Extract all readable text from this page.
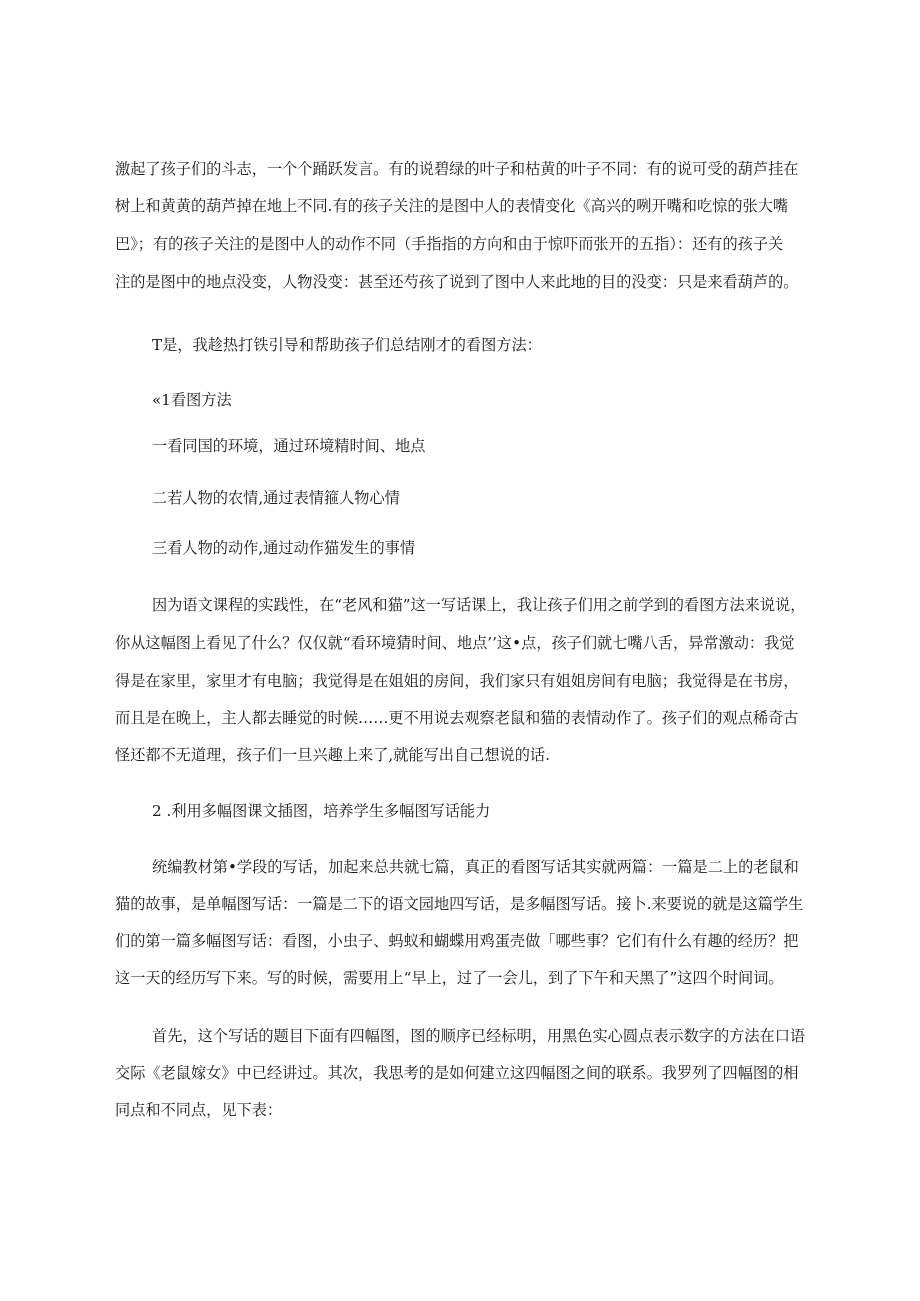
激起了孩子们的斗志，一个个踊跃发言。有的说碧绿的叶子和枯黄的叶子不同：有的说可受的葫芦挂在
树上和黄黄的葫芦掉在地上不同.有的孩子关注的是图中人的表情变化《高兴的咧开嘴和吃惊的张大嘴
巴》；有的孩子关注的是图中人的动作不同（手指指的方向和由于惊吓而张开的五指）：还有的孩子关
注的是图中的地点没变，人物没变：甚至还芍孩了说到了图中人来此地的目的没变：只是来看葫芦的。
T是，我趁热打铁引导和帮助孩子们总结刚才的看图方法：
«1看图方法
一看同国的环境，通过环境精时间、地点
二若人物的农情,通过表情箍人物心情
三看人物的动作,通过动作猫发生的事情
因为语文课程的实践性，在“老风和猫”这一写话课上，我让孩子们用之前学到的看图方法来说说，
你从这幅图上看见了什么？仅仅就“看环境猜时间、地点’’这•点，孩子们就七嘴八舌，异常激动：我觉
得是在家里，家里才有电脑；我觉得是在姐姐的房间，我们家只有姐姐房间有电脑；我觉得是在书房，
而且是在晚上，主人都去睡觉的时候……更不用说去观察老鼠和猫的表情动作了。孩子们的观点稀奇古
怪还都不无道理，孩子们一旦兴趣上来了,就能写出自己想说的话.
2 .利用多幅图课文插图，培养学生多幅图写话能力
统编教材第•学段的写话，加起来总共就七篇，真正的看图写话其实就两篇：一篇是二上的老鼠和
猫的故事，是单幅图写话：一篇是二下的语文园地四写话，是多幅图写话。接卜.来要说的就是这篇学生
们的第一篇多幅图写话：看图，小虫子、蚂蚁和蝴蝶用鸡蛋壳做「哪些事？它们有什么有趣的经历？把
这一天的经历写下来。写的时候，需要用上“早上，过了一会儿，到了下午和天黑了”这四个时间词。
首先，这个写话的题目下面有四幅图，图的顺序已经标明，用黑色实心圆点表示数字的方法在口语
交际《老鼠嫁女》中已经讲过。其次，我思考的是如何建立这四幅图之间的联系。我罗列了四幅图的相
同点和不同点，见下表：
